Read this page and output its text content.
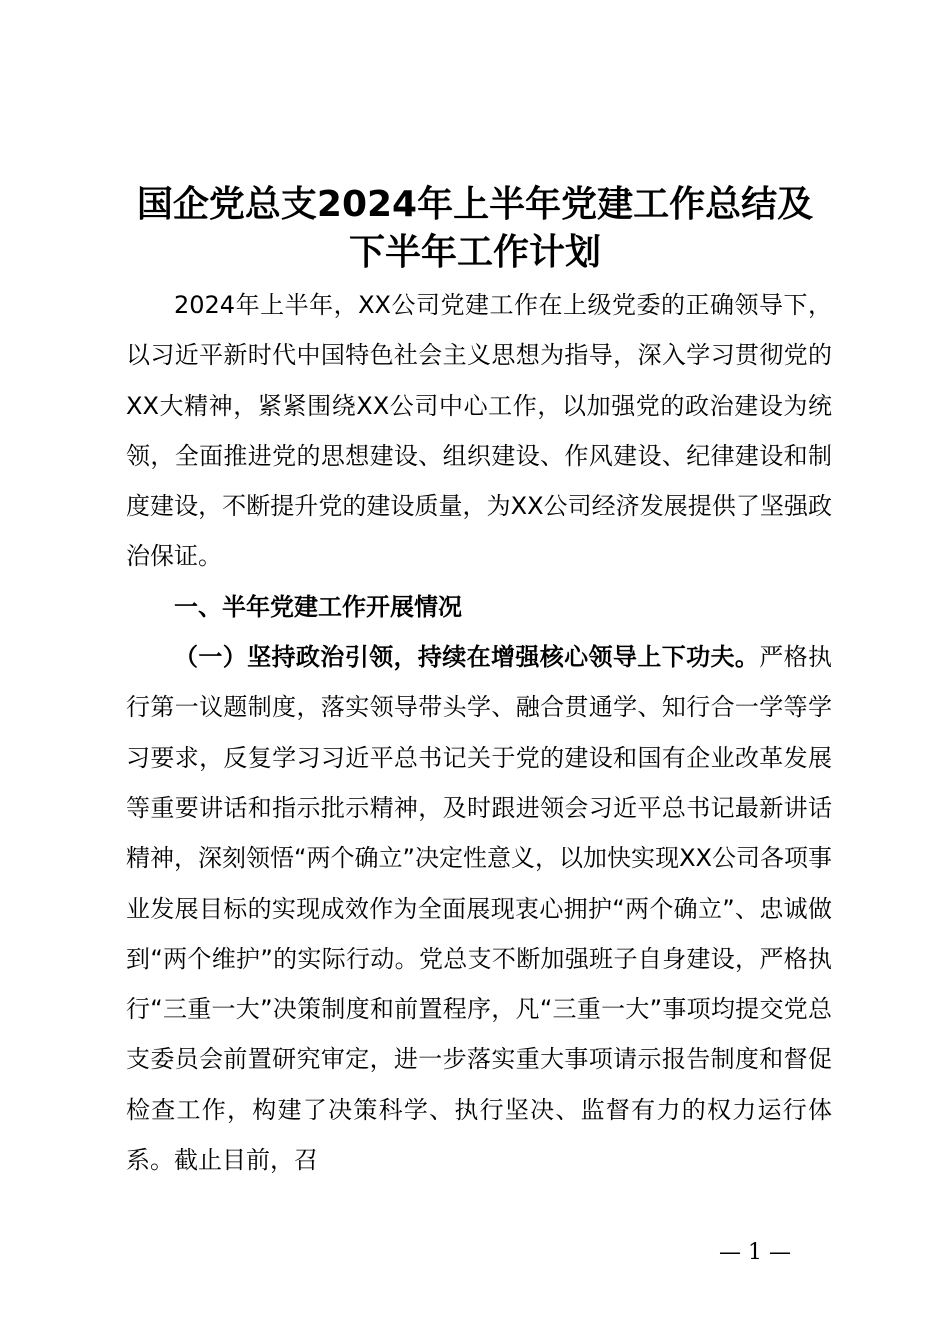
国企党总支2024年上半年党建工作总结及
下半年工作计划

2024年上半年，XX公司党建工作在上级党委的正确领导下，以习近平新时代中国特色社会主义思想为指导，深入学习贯彻党的XX大精神，紧紧围绕XX公司中心工作，以加强党的政治建设为统领，全面推进党的思想建设、组织建设、作风建设、纪律建设和制度建设，不断提升党的建设质量，为XX公司经济发展提供了坚强政治保证。

一、半年党建工作开展情况

（一）坚持政治引领，持续在增强核心领导上下功夫。严格执行第一议题制度，落实领导带头学、融合贯通学、知行合一学等学习要求，反复学习习近平总书记关于党的建设和国有企业改革发展等重要讲话和指示批示精神，及时跟进领会习近平总书记最新讲话精神，深刻领悟“两个确立”决定性意义，以加快实现XX公司各项事业发展目标的实现成效作为全面展现衷心拥护“两个确立”、忠诚做到“两个维护”的实际行动。党总支不断加强班子自身建设，严格执行“三重一大”决策制度和前置程序，凡“三重一大”事项均提交党总支委员会前置研究审定，进一步落实重大事项请示报告制度和督促检查工作，构建了决策科学、执行坚决、监督有力的权力运行体系。截止目前，召

— 1 —
